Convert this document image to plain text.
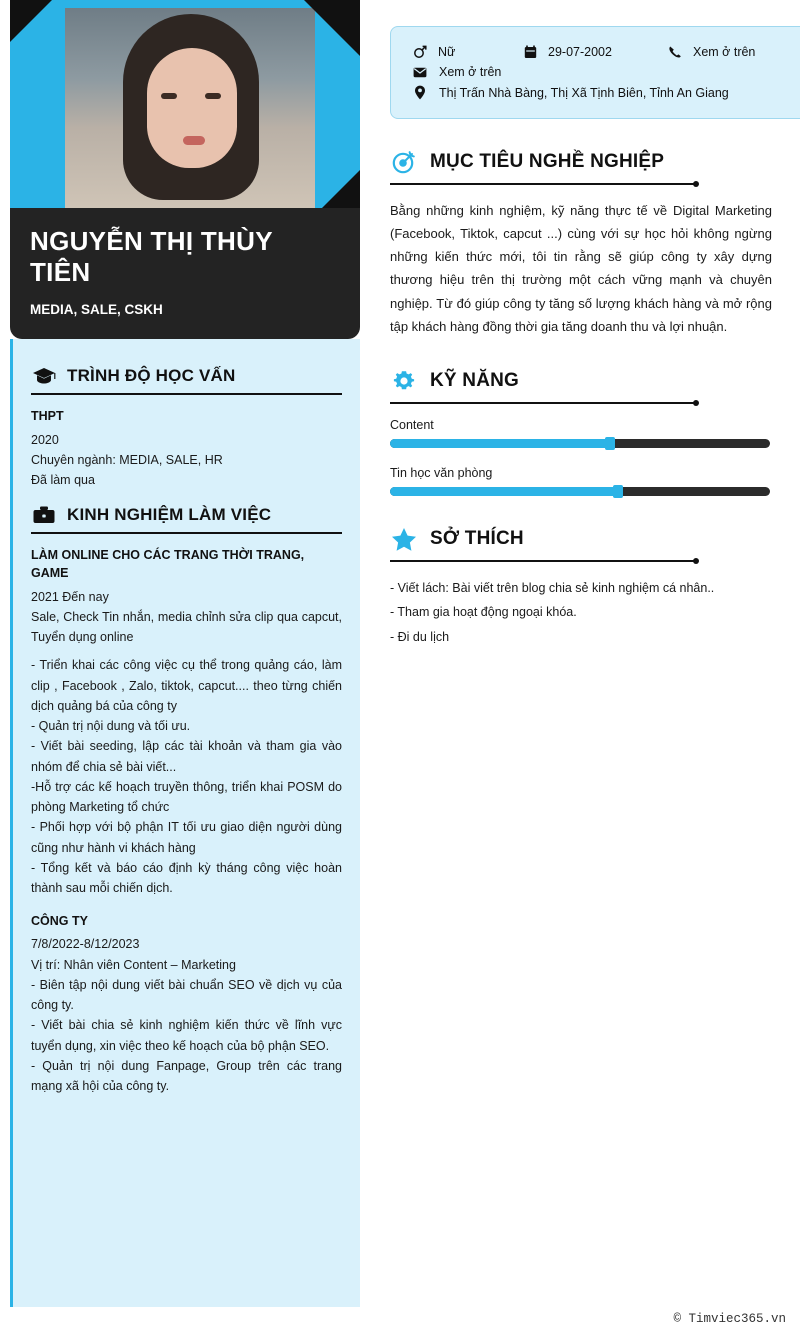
NGUYỄN THỊ THÙY TIÊN
MEDIA, SALE, CSKH
TRÌNH ĐỘ HỌC VẤN
THPT
2020
Chuyên ngành: MEDIA, SALE, HR
Đã làm qua
KINH NGHIỆM LÀM VIỆC
LÀM ONLINE CHO CÁC TRANG THỜI TRANG, GAME
2021 Đến nay
Sale, Check Tin nhắn, media chỉnh sửa clip qua capcut, Tuyển dụng online
- Triển khai các công việc cụ thể trong quảng cáo, làm clip , Facebook , Zalo, tiktok, capcut.... theo từng chiến dịch quảng bá của công ty
- Quản trị nội dung và tối ưu.
- Viết bài seeding, lập các tài khoản và tham gia vào nhóm để chia sẻ bài viết...
-Hỗ trợ các kế hoạch truyền thông, triển khai POSM do phòng Marketing tổ chức
- Phối hợp với bộ phận IT tối ưu giao diện người dùng cũng như hành vi khách hàng
- Tổng kết và báo cáo định kỳ tháng công việc hoàn thành sau mỗi chiến dịch.
CÔNG TY
7/8/2022-8/12/2023
Vị trí: Nhân viên Content – Marketing
- Biên tập nội dung viết bài chuẩn SEO về dịch vụ của công ty.
- Viết bài chia sẻ kinh nghiệm kiến thức về lĩnh vực tuyển dụng, xin việc theo kế hoạch của bộ phận SEO.
- Quản trị nội dung Fanpage, Group trên các trang mạng xã hội của công ty.
Nữ	29-07-2002	Xem ở trên
Xem ở trên
Thị Trấn Nhà Bàng, Thị Xã Tịnh Biên, Tỉnh An Giang
MỤC TIÊU NGHỀ NGHIỆP
Bằng những kinh nghiệm, kỹ năng thực tế về Digital Marketing (Facebook, Tiktok, capcut ...) cùng với sự học hỏi không ngừng những kiến thức mới, tôi tin rằng sẽ giúp công ty xây dựng thương hiệu trên thị trường một cách vững mạnh và chuyên nghiệp. Từ đó giúp công ty tăng số lượng khách hàng và mở rộng tập khách hàng đồng thời gia tăng doanh thu và lợi nhuận.
KỸ NĂNG
Content
Tin học văn phòng
SỞ THÍCH
- Viết lách: Bài viết trên blog chia sẻ kinh nghiệm cá nhân..
- Tham gia hoạt động ngoại khóa.
- Đi du lịch
© Timviec365.vn
